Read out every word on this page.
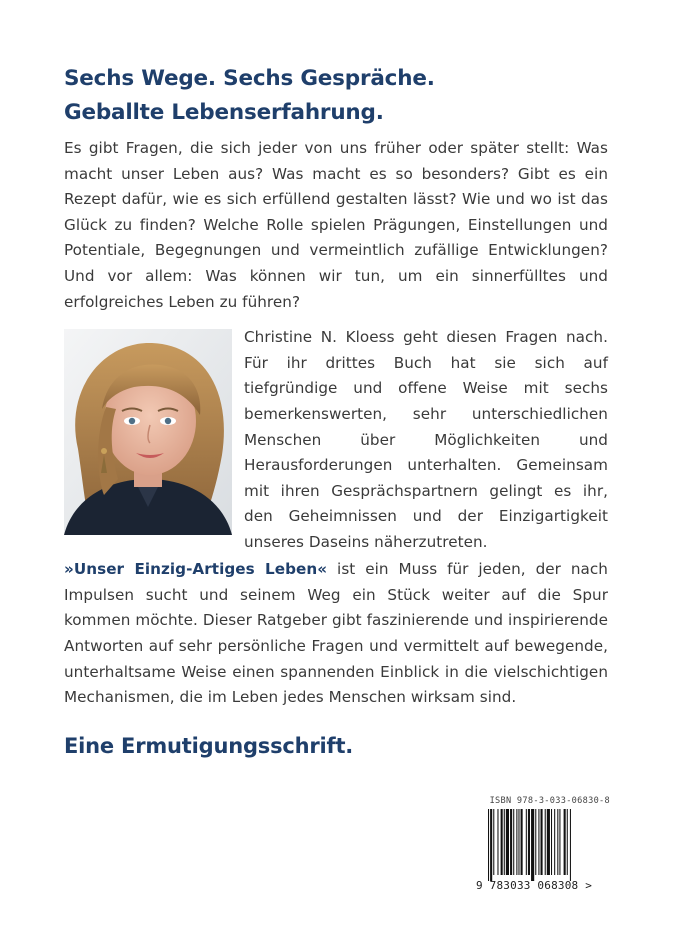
Sechs Wege. Sechs Gespräche.
Geballte Lebenserfahrung.

Es gibt Fragen, die sich jeder von uns früher oder später stellt: Was macht unser Leben aus? Was macht es so besonders? Gibt es ein Rezept dafür, wie es sich erfüllend gestalten lässt? Wie und wo ist das Glück zu finden? Welche Rolle spielen Prägungen, Einstellungen und Potentiale, Begegnungen und vermeintlich zufällige Entwicklungen? Und vor allem: Was können wir tun, um ein sinnerfülltes und erfolgreiches Leben zu führen?

Christine N. Kloess geht diesen Fragen nach. Für ihr drittes Buch hat sie sich auf tiefgründige und offene Weise mit sechs bemerkenswerten, sehr unterschiedlichen Menschen über Möglichkeiten und Herausforderungen unterhalten. Gemeinsam mit ihren Gesprächspartnern gelingt es ihr, den Geheimnissen und der Einzigartigkeit unseres Daseins näherzutreten.

»Unser Einzig-Artiges Leben« ist ein Muss für jeden, der nach Impulsen sucht und seinem Weg ein Stück weiter auf die Spur kommen möchte. Dieser Ratgeber gibt faszinierende und inspirierende Antworten auf sehr persönliche Fragen und vermittelt auf bewegende, unterhaltsame Weise einen spannenden Einblick in die vielschichtigen Mechanismen, die im Leben jedes Menschen wirksam sind.

Eine Ermutigungsschrift.
ISBN 978-3-033-06830-8
9 783033 068308 >
